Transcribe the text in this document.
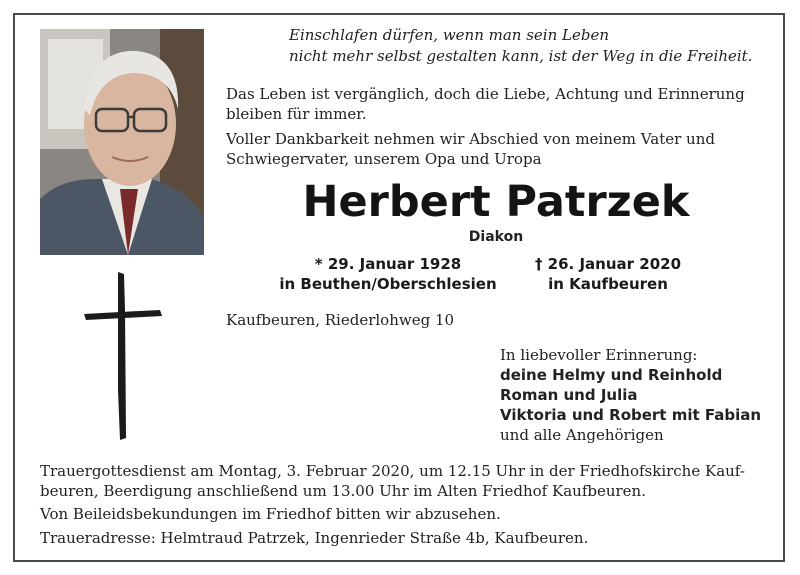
Einschlafen dürfen, wenn man sein Leben
nicht mehr selbst gestalten kann, ist der Weg in die Freiheit.
Das Leben ist vergänglich, doch die Liebe, Achtung und Erinnerung
bleiben für immer.
Voller Dankbarkeit nehmen wir Abschied von meinem Vater und
Schwiegervater, unserem Opa und Uropa
Herbert Patrzek
Diakon
* 29. Januar 1928
in Beuthen/Oberschlesien
† 26. Januar 2020
in Kaufbeuren
Kaufbeuren, Riederlohweg 10
In liebevoller Erinnerung:
deine Helmy und Reinhold
Roman und Julia
Viktoria und Robert mit Fabian
und alle Angehörigen
Trauergottesdienst am Montag, 3. Februar 2020, um 12.15 Uhr in der Friedhofskirche Kauf-
beuren, Beerdigung anschließend um 13.00 Uhr im Alten Friedhof Kaufbeuren.
Von Beileidsbekundungen im Friedhof bitten wir abzusehen.
Traueradresse: Helmtraud Patrzek, Ingenrieder Straße 4b, Kaufbeuren.
